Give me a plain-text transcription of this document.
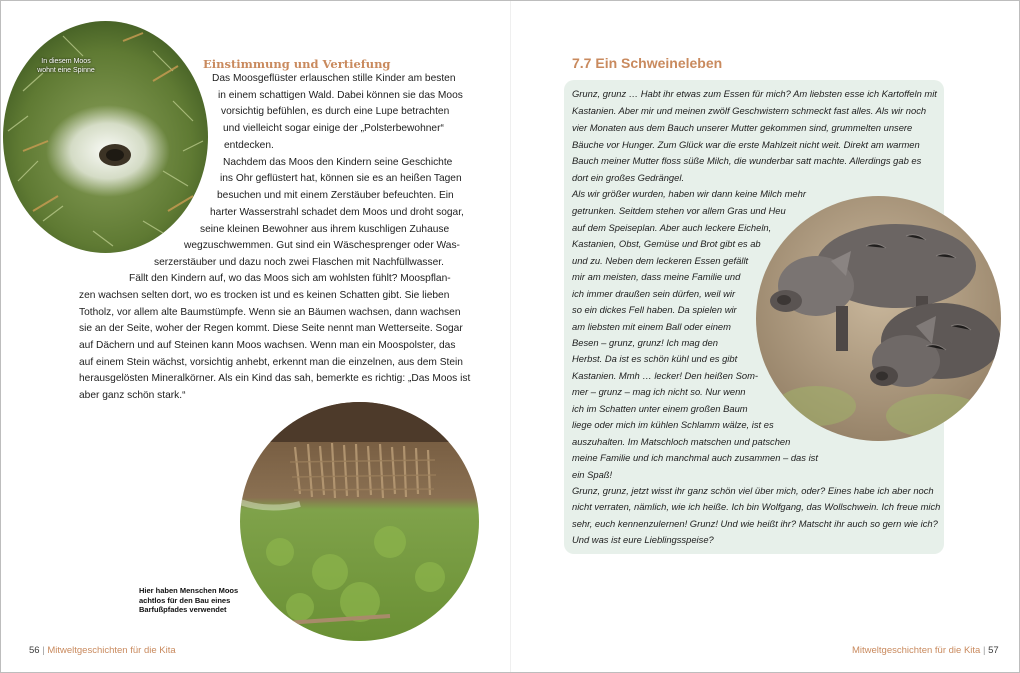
In diesem Moos wohnt eine Spinne	Einstimmung und Vertiefung
Das Moosgeflüster erlauschen stille Kinder am besten
in einem schattigen Wald. Dabei können sie das Moos
vorsichtig befühlen, es durch eine Lupe betrachten
und vielleicht sogar einige der „Polsterbewohner“
entdecken.
Nachdem das Moos den Kindern seine Geschichte
ins Ohr geflüstert hat, können sie es an heißen Tagen
besuchen und mit einem Zerstäuber befeuchten. Ein
harter Wasserstrahl schadet dem Moos und droht sogar,
seine kleinen Bewohner aus ihrem kuschligen Zuhause
wegzuschwemmen. Gut sind ein Wäschesprenger oder Was-
serzerstäuber und dazu noch zwei Flaschen mit Nachfüllwasser.
Fällt den Kindern auf, wo das Moos sich am wohlsten fühlt? Moospflan-
zen wachsen selten dort, wo es trocken ist und es keinen Schatten gibt. Sie lieben
Totholz, vor allem alte Baumstümpfe. Wenn sie an Bäumen wachsen, dann wachsen
sie an der Seite, woher der Regen kommt. Diese Seite nennt man Wetterseite. Sogar
auf Dächern und auf Steinen kann Moos wachsen. Wenn man ein Moospolster, das
auf einem Stein wächst, vorsichtig anhebt, erkennt man die einzelnen, aus dem Stein
herausgelösten Mineralkörner. Als ein Kind das sah, bemerkte es richtig: „Das Moos ist
aber ganz schön stark.“
Hier haben Menschen Moos achtlos für den Bau eines Barfußpfades verwendet
56 | Mitweltgeschichten für die Kita
7.7 Ein Schweineleben
Grunz, grunz … Habt ihr etwas zum Essen für mich? Am liebsten esse ich Kartoffeln mit
Kastanien. Aber mir und meinen zwölf Geschwistern schmeckt fast alles. Als wir noch
vier Monaten aus dem Bauch unserer Mutter gekommen sind, grummelten unsere
Bäuche vor Hunger. Zum Glück war die erste Mahlzeit nicht weit. Direkt am warmen
Bauch meiner Mutter floss süße Milch, die wunderbar satt machte. Allerdings gab es
dort ein großes Gedrängel.
Als wir größer wurden, haben wir dann keine Milch mehr
getrunken. Seitdem stehen vor allem Gras und Heu
auf dem Speiseplan. Aber auch leckere Eicheln,
Kastanien, Obst, Gemüse und Brot gibt es ab
und zu. Neben dem leckeren Essen gefällt
mir am meisten, dass meine Familie und
ich immer draußen sein dürfen, weil wir
so ein dickes Fell haben. Da spielen wir
am liebsten mit einem Ball oder einem
Besen – grunz, grunz! Ich mag den
Herbst. Da ist es schön kühl und es gibt
Kastanien. Mmh … lecker! Den heißen Som-
mer – grunz – mag ich nicht so. Nur wenn
ich im Schatten unter einem großen Baum
liege oder mich im kühlen Schlamm wälze, ist es
auszuhalten. Im Matschloch matschen und patschen
meine Familie und ich manchmal auch zusammen – das ist
ein Spaß!
Grunz, grunz, jetzt wisst ihr ganz schön viel über mich, oder? Eines habe ich aber noch
nicht verraten, nämlich, wie ich heiße. Ich bin Wolfgang, das Wollschwein. Ich freue mich
sehr, euch kennenzulernen! Grunz! Und wie heißt ihr? Matscht ihr auch so gern wie ich?
Und was ist eure Lieblingsspeise?
Mitweltgeschichten für die Kita | 57
